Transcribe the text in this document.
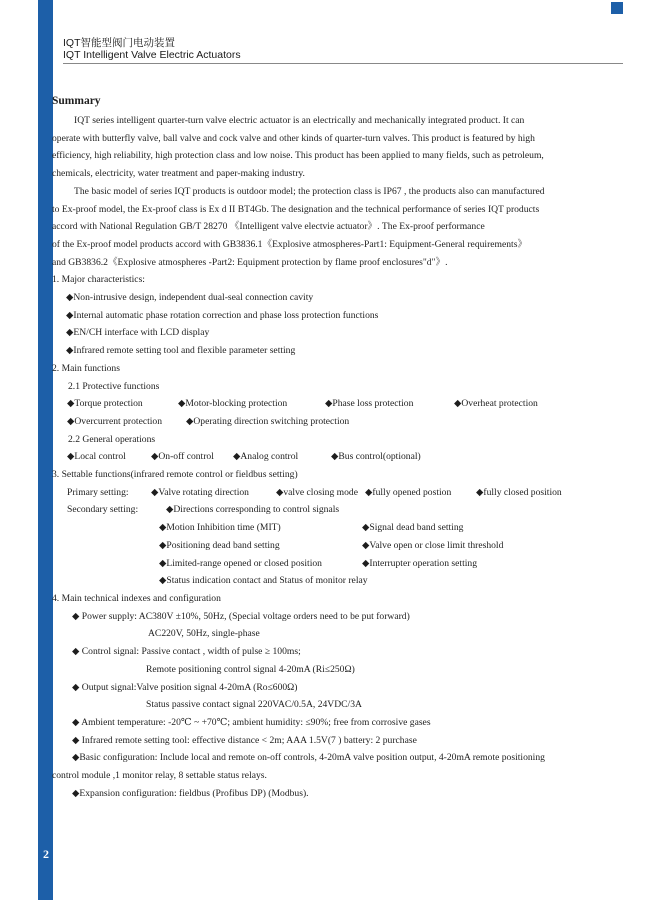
2
IQT智能型阀门电动装置
IQT Intelligent Valve Electric Actuators
Summary
IQT series intelligent quarter-turn valve electric actuator is an electrically and mechanically integrated product. It can
operate with butterfly valve, ball valve and cock valve and other kinds of quarter-turn valves. This product is featured by high
efficiency, high reliability, high protection class and low noise. This product has been applied to many fields, such as petroleum,
chemicals, electricity, water treatment and paper-making industry.
The basic model of series IQT products is outdoor model; the protection class is IP67 , the products also can manufactured
to Ex-proof model, the Ex-proof class is Ex d II BT4Gb. The designation and the technical performance of series IQT products
accord with National Regulation GB/T 28270 《Intelligent valve electvie actuator》. The Ex-proof performance
of the Ex-proof model products accord with GB3836.1《Explosive atmospheres-Part1: Equipment-General requirements》
and GB3836.2《Explosive atmospheres -Part2: Equipment protection by flame proof enclosures"d"》.
1. Major characteristics:
◆Non-intrusive design, independent dual-seal connection cavity
◆Internal automatic phase rotation correction and phase loss protection functions
◆EN/CH interface with LCD display
◆Infrared remote setting tool and flexible parameter setting
2. Main functions
2.1 Protective functions
◆Torque protection	◆Motor-blocking protection	◆Phase loss protection	◆Overheat protection
◆Overcurrent protection	◆Operating direction switching protection
2.2 General operations
◆Local control	◆On-off control	◆Analog control	◆Bus control(optional)
3. Settable functions(infrared remote control or fieldbus setting)
Primary setting:	◆Valve rotating direction	◆valve closing mode ◆fully opened postion	◆fully closed position
Secondary setting:	◆Directions corresponding to control signals
◆Motion Inhibition time (MIT)	◆Signal dead band setting
◆Positioning dead band setting	◆Valve open or close limit threshold
◆Limited-range opened or closed position	◆Interrupter operation setting
◆Status indication contact and Status of monitor relay
4. Main technical indexes and configuration
◆ Power supply: AC380V ±10%, 50Hz, (Special voltage orders need to be put forward)
AC220V, 50Hz, single-phase
◆ Control signal: Passive contact , width of pulse ≥ 100ms;
Remote positioning control signal 4-20mA (Ri≤250Ω)
◆ Output signal:Valve position signal 4-20mA (Ro≤600Ω)
Status passive contact signal 220VAC/0.5A, 24VDC/3A
◆ Ambient temperature: -20℃ ~ +70℃; ambient humidity: ≤90%; free from corrosive gases
◆ Infrared remote setting tool: effective distance < 2m; AAA 1.5V(7 ) battery: 2 purchase
◆Basic configuration: Include local and remote on-off controls, 4-20mA valve position output, 4-20mA remote positioning
control module ,1 monitor relay, 8 settable status relays.
◆Expansion configuration: fieldbus (Profibus DP) (Modbus).
